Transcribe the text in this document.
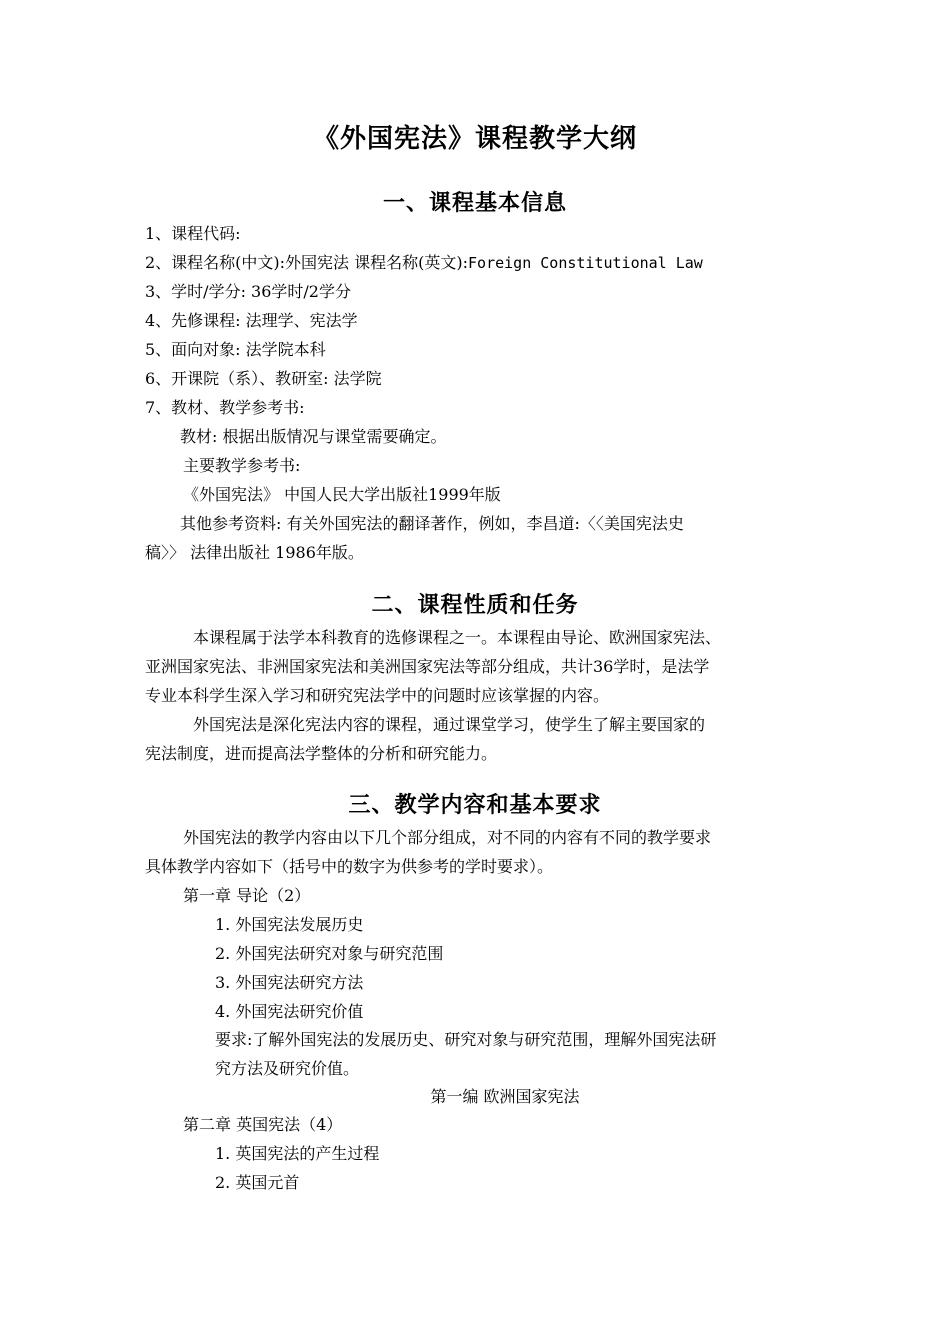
《外国宪法》课程教学大纲
一、课程基本信息
1、课程代码:
2、课程名称(中文):外国宪法 课程名称(英文):Foreign Constitutional Law
3、学时/学分: 36学时/2学分
4、先修课程: 法理学、宪法学
5、面向对象: 法学院本科
6、开课院（系）、教研室: 法学院
7、教材、教学参考书:
教材: 根据出版情况与课堂需要确定。
主要教学参考书:
《外国宪法》 中国人民大学出版社1999年版
其他参考资料: 有关外国宪法的翻译著作，例如，李昌道:〈〈美国宪法史
稿〉〉 法律出版社 1986年版。
二、课程性质和任务
本课程属于法学本科教育的选修课程之一。本课程由导论、欧洲国家宪法、
亚洲国家宪法、非洲国家宪法和美洲国家宪法等部分组成，共计36学时，是法学
专业本科学生深入学习和研究宪法学中的问题时应该掌握的内容。
外国宪法是深化宪法内容的课程，通过课堂学习，使学生了解主要国家的
宪法制度，进而提高法学整体的分析和研究能力。
三、教学内容和基本要求
外国宪法的教学内容由以下几个部分组成，对不同的内容有不同的教学要求
具体教学内容如下（括号中的数字为供参考的学时要求）。
第一章 导论（2）
1. 外国宪法发展历史
2. 外国宪法研究对象与研究范围
3. 外国宪法研究方法
4. 外国宪法研究价值
要求:了解外国宪法的发展历史、研究对象与研究范围，理解外国宪法研
究方法及研究价值。
第一编 欧洲国家宪法
第二章 英国宪法（4）
1. 英国宪法的产生过程
2. 英国元首
